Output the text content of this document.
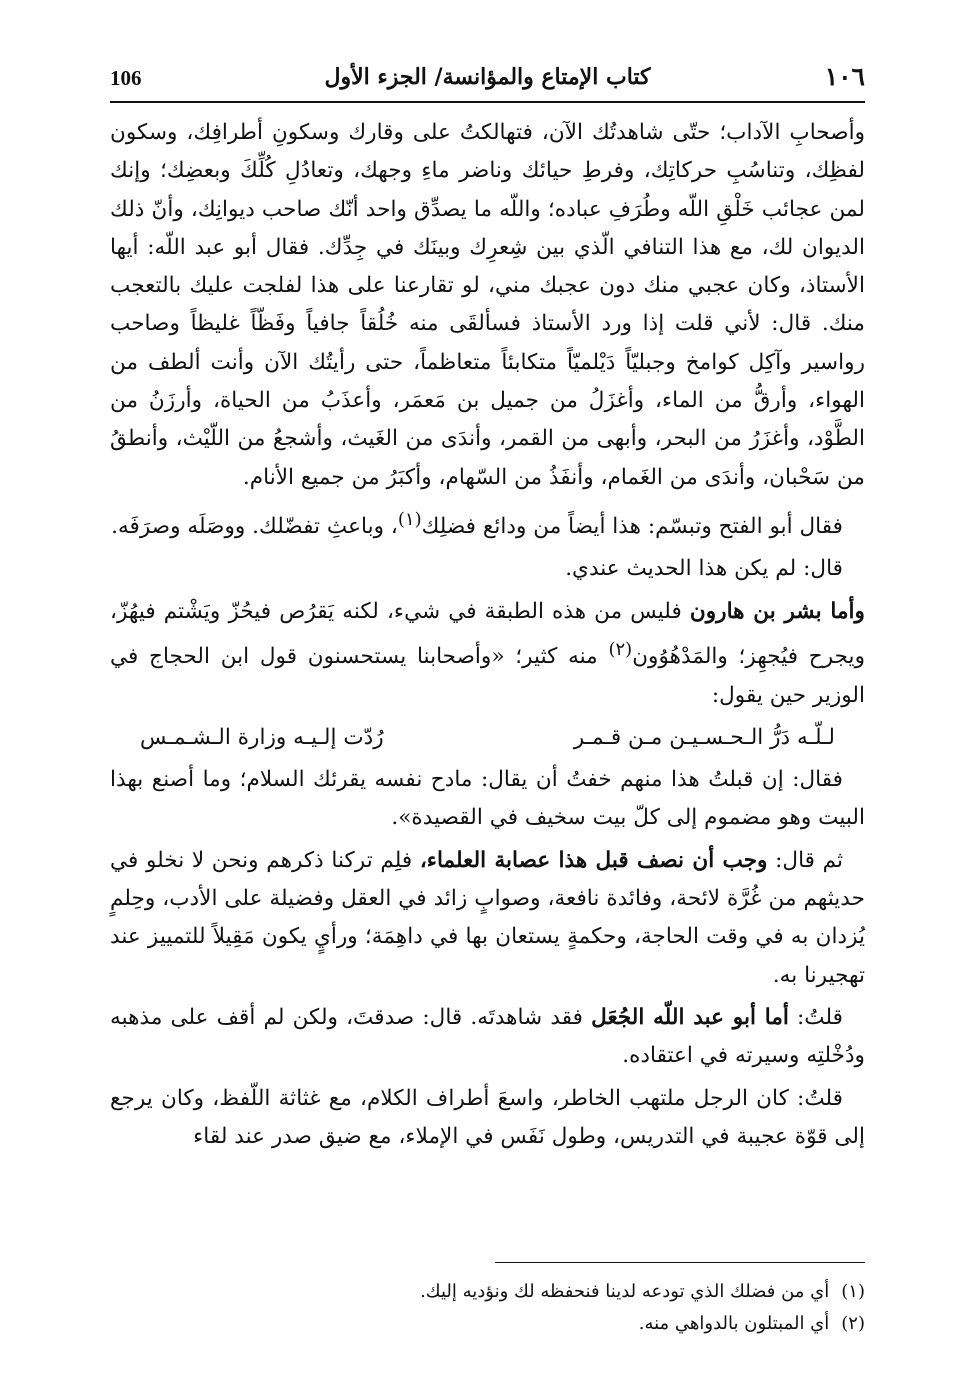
١٠٦
كتاب الإمتاع والمؤانسة/ الجزء الأول
106

وأصحابِ الآداب؛ حتّى شاهدتُك الآن، فتهالكتُ على وقارك وسكونِ أطرافِك، وسكون لفظِك، وتناسُبِ حركاتِك، وفرطِ حيائك وناضر ماءِ وجهك، وتعادُلِ كُلِّكَ وبعضِك؛ وإنك لمن عجائب خَلْقِ اللّه وطُرَفِ عباده؛ واللّه ما يصدِّق واحد أنّك صاحب ديوانِك، وأنّ ذلك الديوان لك، مع هذا التنافي الّذي بين شِعرِك وبينَك في جِدِّك. فقال أبو عبد اللّه: أيها الأستاذ، وكان عجبي منك دون عجبك مني، لو تقارعنا على هذا لفلجت عليك بالتعجب منك. قال: لأني قلت إذا ورد الأستاذ فسألقَى منه خُلُقاً جافياً وفَظّاً غليظاً وصاحب رواسير وآكِل كوامخ وجبليّاً دَيْلميّاً متكابئاً متعاظماً، حتى رأيتُك الآن وأنت ألطف من الهواء، وأرقُّ من الماء، وأغزَلُ من جميل بن مَعمَر، وأعذَبُ من الحياة، وأرزَنُ من الطَّوْد، وأغزَرُ من البحر، وأبهى من القمر، وأندَى من الغَيث، وأشجعُ من اللّيْث، وأنطقُ من سَحْبان، وأندَى من الغَمام، وأنفَذُ من السّهام، وأكبَرُ من جميع الأنام.

فقال أبو الفتح وتبسّم: هذا أيضاً من ودائع فضلِك$^{(١)}$، وباعثِ تفضّلك. ووصَلَه وصرَفَه.

قال: لم يكن هذا الحديث عندي.

وأما بشر بن هارون فليس من هذه الطبقة في شيء، لكنه يَقرُص فيحُزّ ويَشْتم فيهُزّ، ويجرح فيُجهِز؛ والمَدْهُوُون$^{(٢)}$ منه كثير؛ «وأصحابنا يستحسنون قول ابن الحجاج في الوزير حين يقول:

لـلّـه دَرُّ الـحـسـيـن مـن قـمـر
رُدّت إلـيـه وزارة الـشـمـس

فقال: إن قبلتُ هذا منهم خفتُ أن يقال: مادح نفسه يقرئك السلام؛ وما أصنع بهذا البيت وهو مضموم إلى كلّ بيت سخيف في القصيدة».

ثم قال: وجب أن نصف قبل هذا عصابة العلماء، فلِم تركنا ذكرهم ونحن لا نخلو في حديثهم من غُرَّة لائحة، وفائدة نافعة، وصوابٍ زائد في العقل وفضيلة على الأدب، وحِلمٍ يُزدان به في وقت الحاجة، وحكمةٍ يستعان بها في داهِمَة؛ ورأيٍ يكون مَقِيلاً للتمييز عند تهجيرنا به.

قلتُ: أما أبو عبد اللّه الجُعَل فقد شاهدتَه. قال: صدقتَ، ولكن لم أقف على مذهبه ودُخْلتِه وسيرته في اعتقاده.

قلتُ: كان الرجل ملتهب الخاطر، واسعَ أطراف الكلام، مع غثاثة اللّفظ، وكان يرجع إلى قوّة عجيبة في التدريس، وطول نَفَس في الإملاء، مع ضيق صدر عند لقاء

(١)أي من فضلك الذي تودعه لدينا فنحفظه لك ونؤديه إليك.
(٢)أي المبتلون بالدواهي منه.
